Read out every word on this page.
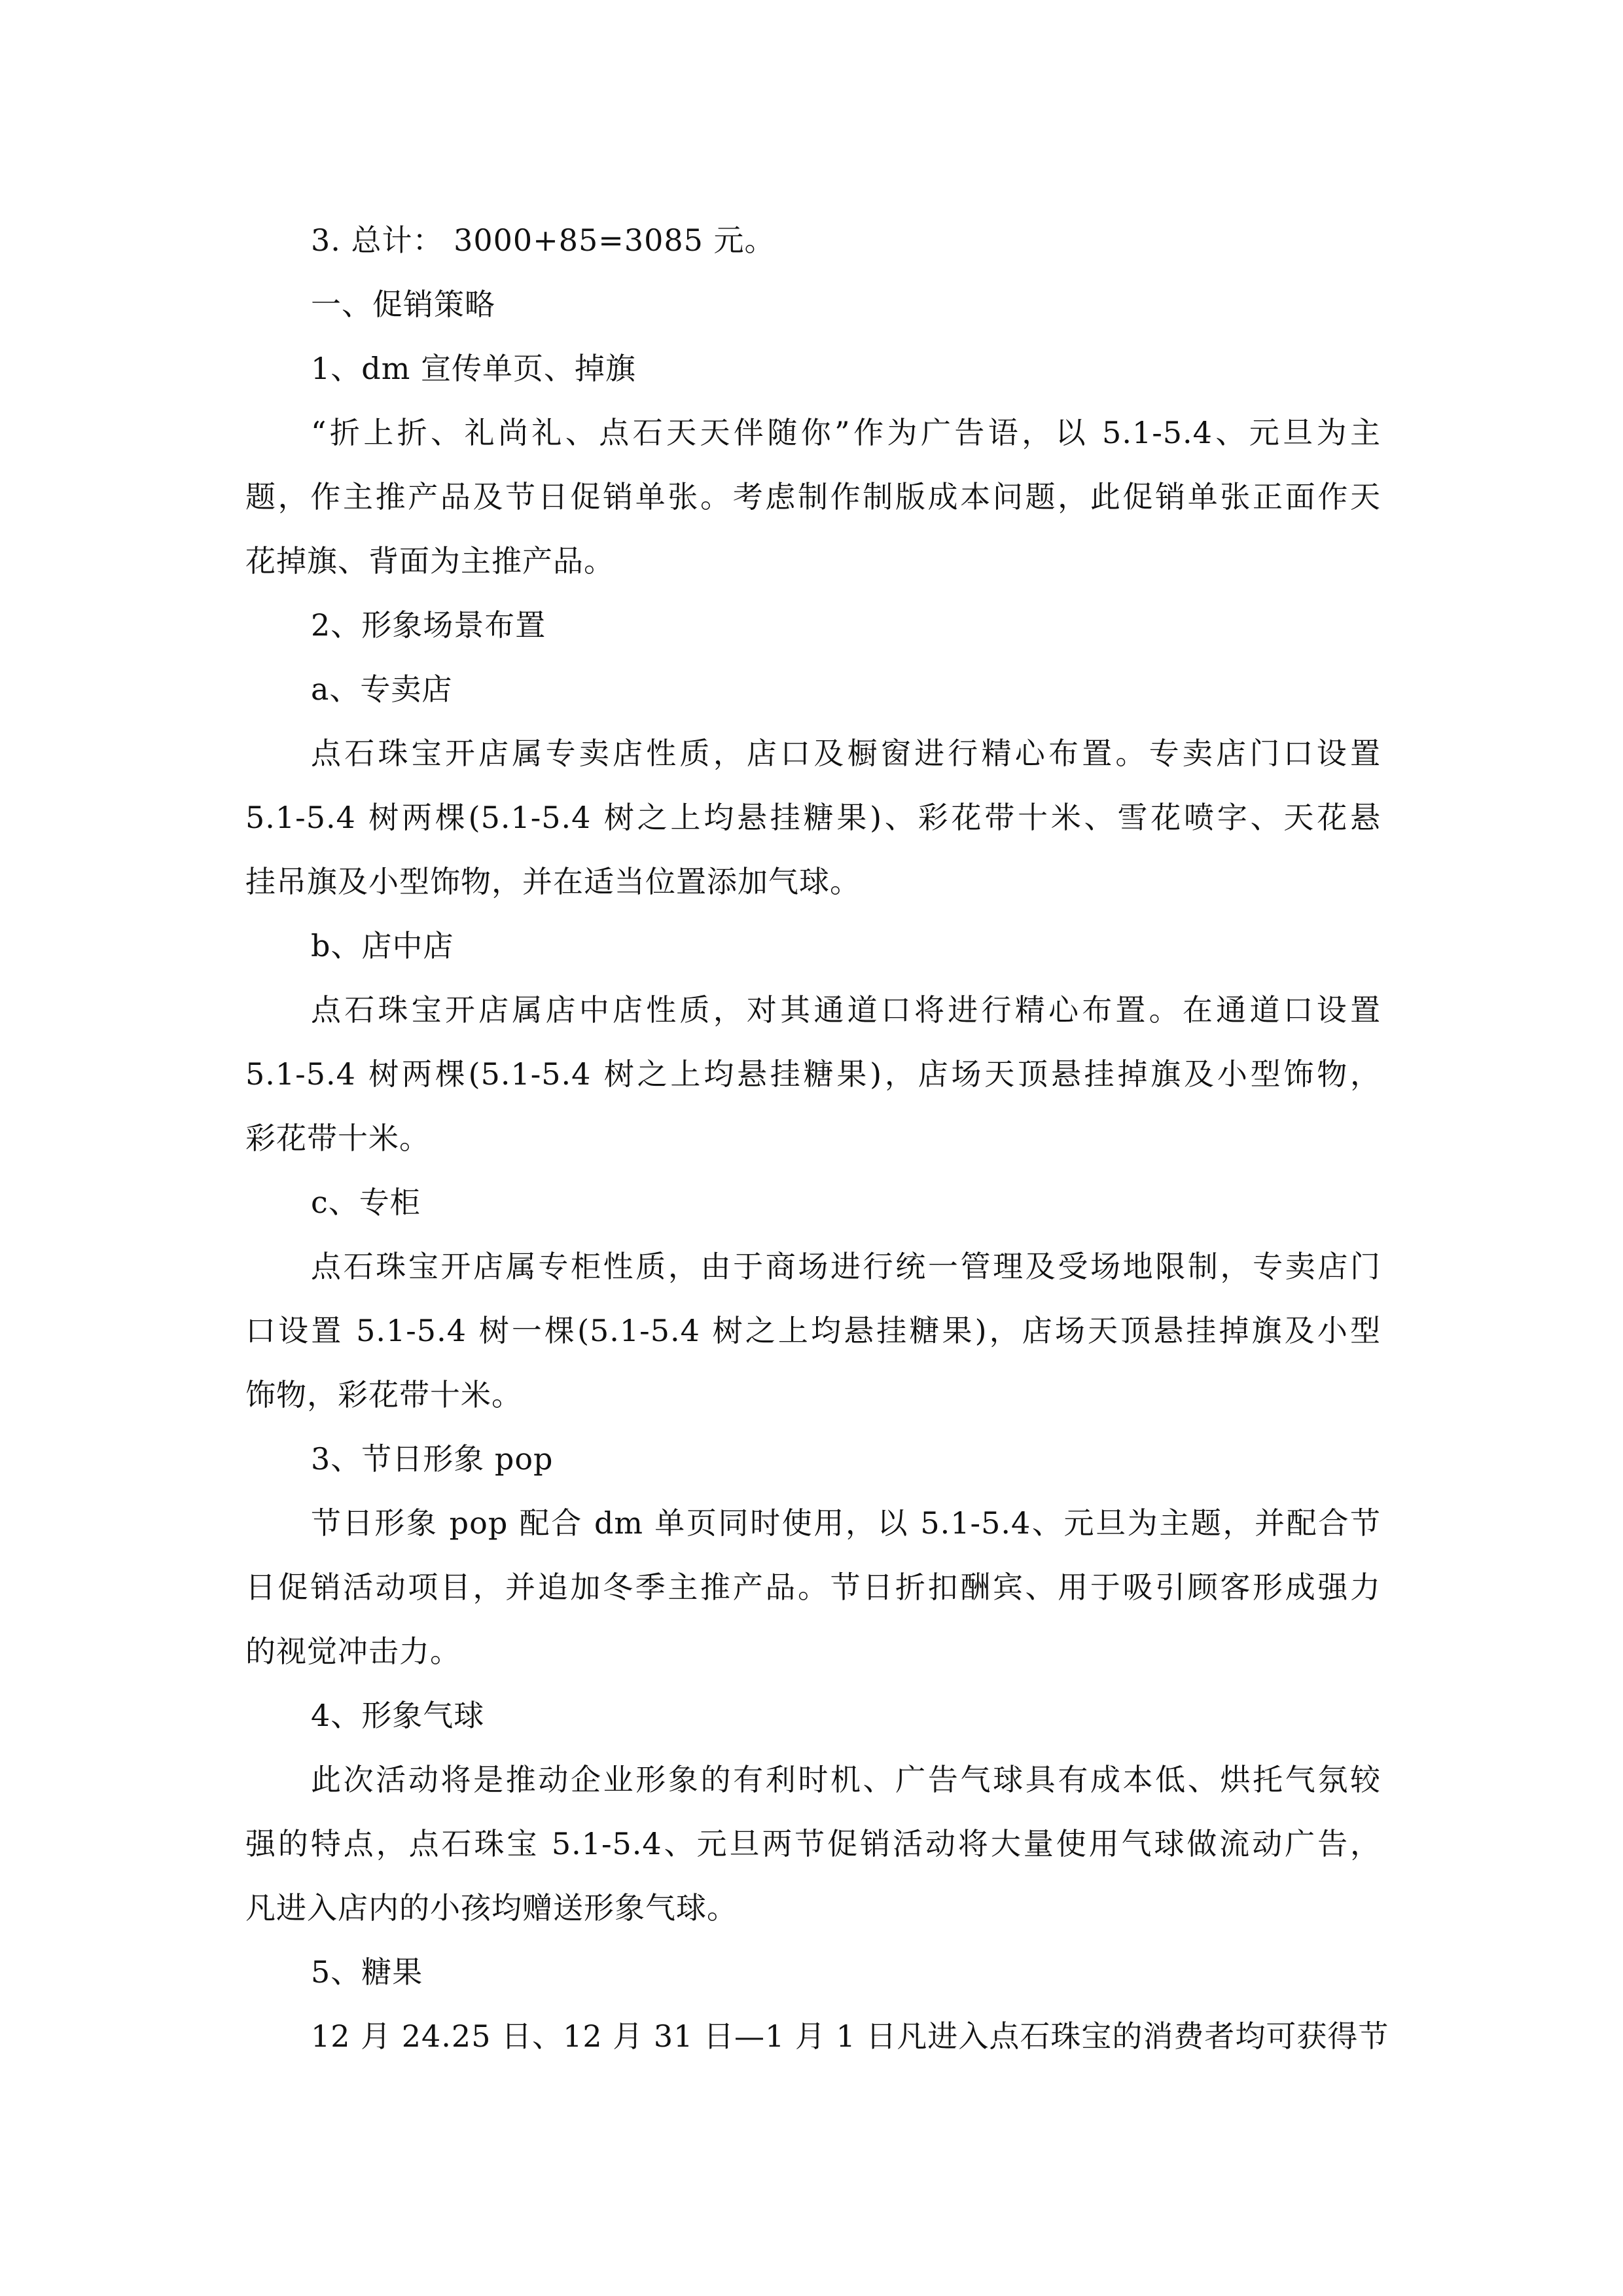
3. 总计： 3000+85=3085 元。
一、促销策略
1、dm 宣传单页、掉旗
“折上折、礼尚礼、点石天天伴随你”作为广告语，以 5.1-5.4、元旦为主
题，作主推产品及节日促销单张。考虑制作制版成本问题，此促销单张正面作天
花掉旗、背面为主推产品。
2、形象场景布置
a、专卖店
点石珠宝开店属专卖店性质，店口及橱窗进行精心布置。专卖店门口设置
5.1-5.4 树两棵(5.1-5.4 树之上均悬挂糖果)、彩花带十米、雪花喷字、天花悬
挂吊旗及小型饰物，并在适当位置添加气球。
b、店中店
点石珠宝开店属店中店性质，对其通道口将进行精心布置。在通道口设置
5.1-5.4 树两棵(5.1-5.4 树之上均悬挂糖果)，店场天顶悬挂掉旗及小型饰物，
彩花带十米。
c、专柜
点石珠宝开店属专柜性质，由于商场进行统一管理及受场地限制，专卖店门
口设置 5.1-5.4 树一棵(5.1-5.4 树之上均悬挂糖果)，店场天顶悬挂掉旗及小型
饰物，彩花带十米。
3、节日形象 pop
节日形象 pop 配合 dm 单页同时使用，以 5.1-5.4、元旦为主题，并配合节
日促销活动项目，并追加冬季主推产品。节日折扣酬宾、用于吸引顾客形成强力
的视觉冲击力。
4、形象气球
此次活动将是推动企业形象的有利时机、广告气球具有成本低、烘托气氛较
强的特点，点石珠宝 5.1-5.4、元旦两节促销活动将大量使用气球做流动广告，
凡进入店内的小孩均赠送形象气球。
5、糖果
12 月 24.25 日、12 月 31 日—1 月 1 日凡进入点石珠宝的消费者均可获得节
